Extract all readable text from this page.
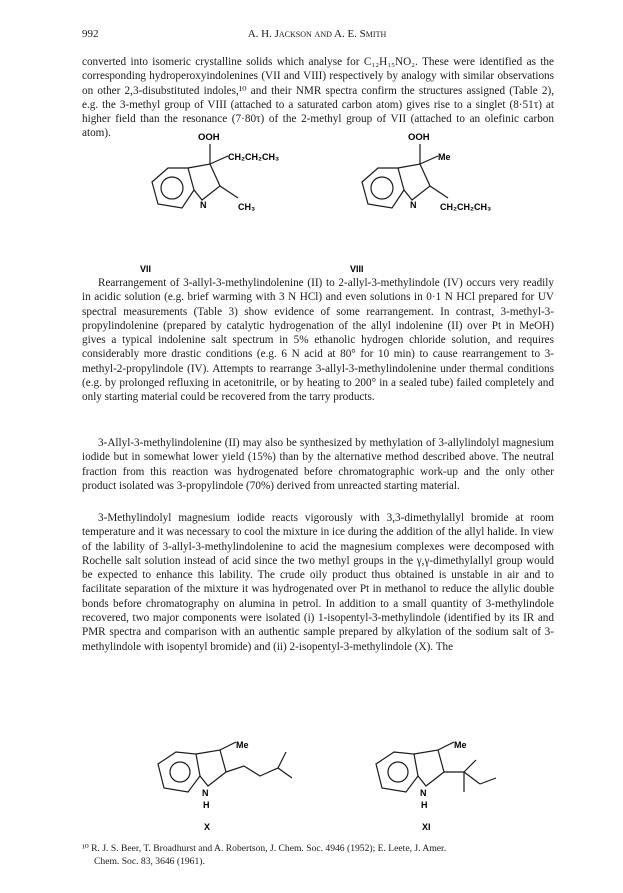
992	A. H. Jackson and A. E. Smith

converted into isomeric crystalline solids which analyse for C₁₂H₁₅NO₂. These were identified as the corresponding hydroperoxyindolenines (VII and VIII) respectively by analogy with similar observations on other 2,3-disubstituted indoles,¹⁰ and their NMR spectra confirm the structures assigned (Table 2), e.g. the 3-methyl group of VIII (attached to a saturated carbon atom) gives rise to a singlet (8·51τ) at higher field than the resonance (7·80τ) of the 2-methyl group of VII (attached to an olefinic carbon atom).	OOH
CH₂CH₂CH₃
N	CH₃
VII
OOH
Me
N	CH₂CH₂CH₃
VIII

Rearrangement of 3-allyl-3-methylindolenine (II) to 2-allyl-3-methylindole (IV) occurs very readily in acidic solution (e.g. brief warming with 3 N HCl) and even solutions in 0·1 N HCl prepared for UV spectral measurements (Table 3) show evidence of some rearrangement. In contrast, 3-methyl-3-propylindolenine (prepared by catalytic hydrogenation of the allyl indolenine (II) over Pt in MeOH) gives a typical indolenine salt spectrum in 5% ethanolic hydrogen chloride solution, and requires considerably more drastic conditions (e.g. 6 N acid at 80° for 10 min) to cause rearrangement to 3-methyl-2-propylindole (IV). Attempts to rearrange 3-allyl-3-methylindolenine under thermal conditions (e.g. by prolonged refluxing in acetonitrile, or by heating to 200° in a sealed tube) failed completely and only starting material could be recovered from the tarry products.

3-Allyl-3-methylindolenine (II) may also be synthesized by methylation of 3-allylindolyl magnesium iodide but in somewhat lower yield (15%) than by the alternative method described above. The neutral fraction from this reaction was hydrogenated before chromatographic work-up and the only other product isolated was 3-propylindole (70%) derived from unreacted starting material.

3-Methylindolyl magnesium iodide reacts vigorously with 3,3-dimethylallyl bromide at room temperature and it was necessary to cool the mixture in ice during the addition of the allyl halide. In view of the lability of 3-allyl-3-methylindolenine to acid the magnesium complexes were decomposed with Rochelle salt solution instead of acid since the two methyl groups in the γ,γ-dimethylallyl group would be expected to enhance this lability. The crude oily product thus obtained is unstable in air and to facilitate separation of the mixture it was hydrogenated over Pt in methanol to reduce the allylic double bonds before chromatography on alumina in petrol. In addition to a small quantity of 3-methylindole recovered, two major components were isolated (i) 1-isopentyl-3-methylindole (identified by its IR and PMR spectra and comparison with an authentic sample prepared by alkylation of the sodium salt of 3-methylindole with isopentyl bromide) and (ii) 2-isopentyl-3-methylindole (X). The

Me
N
H
X
Me
N
H
XI

¹⁰ R. J. S. Beer, T. Broadhurst and A. Robertson, J. Chem. Soc. 4946 (1952); E. Leete, J. Amer.
Chem. Soc. 83, 3646 (1961).
